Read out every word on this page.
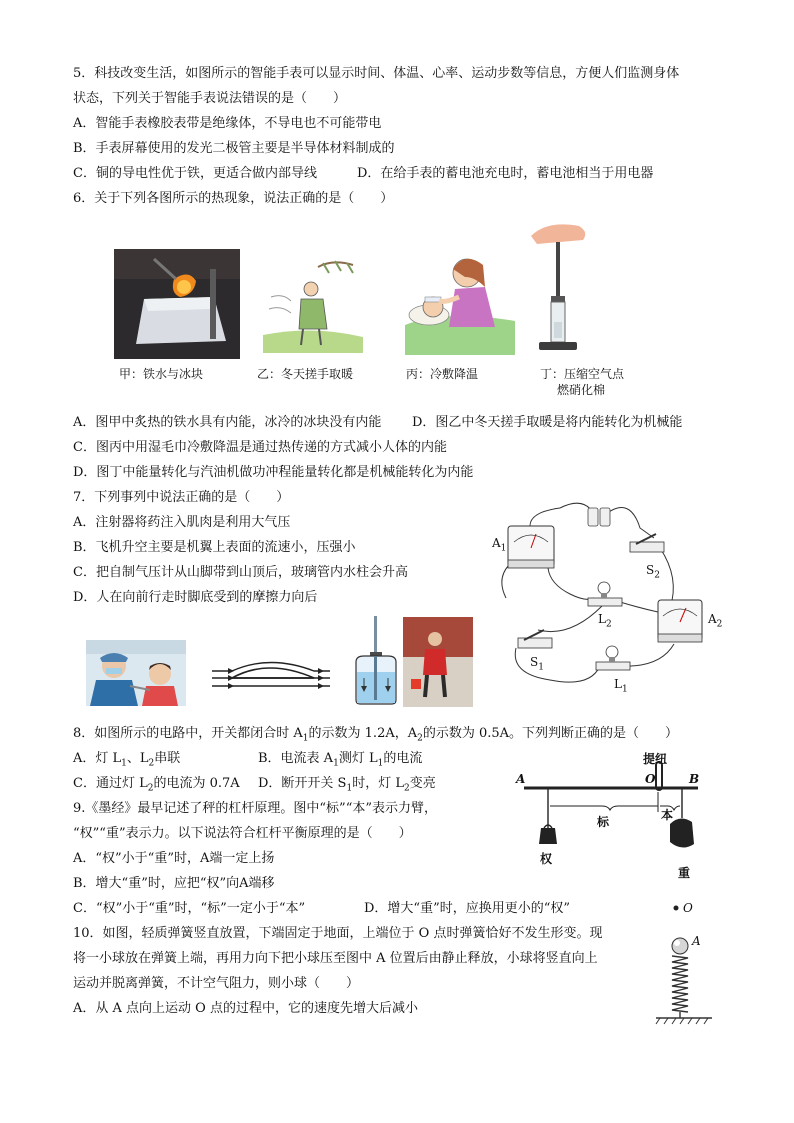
5．科技改变生活，如图所示的智能手表可以显示时间、体温、心率、运动步数等信息，方便人们监测身体
状态，下列关于智能手表说法错误的是（　　）
A．智能手表橡胶表带是绝缘体，不导电也不可能带电
B．手表屏幕使用的发光二极管主要是半导体材料制成的
C．铜的导电性优于铁，更适合做内部导线	D．在给手表的蓄电池充电时，蓄电池相当于用电器
6．关于下列各图所示的热现象，说法正确的是（　　）
甲：铁水与冰块	乙：冬天搓手取暖	丙：冷敷降温	丁：压缩空气点
燃硝化棉
A．图甲中炙热的铁水具有内能，冰冷的冰块没有内能 D．图乙中冬天搓手取暖是将内能转化为机械能
C．图丙中用湿毛巾冷敷降温是通过热传递的方式减小人体的内能
D．图丁中能量转化与汽油机做功冲程能量转化都是机械能转化为内能
7．下列事列中说法正确的是（　　）
A．注射器将药注入肌肉是利用大气压
B．飞机升空主要是机翼上表面的流速小，压强小
C．把自制气压计从山脚带到山顶后，玻璃管内水柱会升高
D．人在向前行走时脚底受到的摩擦力向后
$A_1$
$S_2$
$A_2$
$L_2$
$S_1$
$L_1$
8．如图所示的电路中，开关都闭合时 $A_1$的示数为 1.2A，$A_2$的示数为 0.5A。下列判断正确的是（　　）
A．灯 $L_1$、$L_2$串联	B．电流表 $A_1$测灯 $L_1$的电流
C．通过灯 $L_2$的电流为 0.7A D．断开开关 $S_1$时，灯 $L_2$变亮
9.《墨经》最早记述了秤的杠杆原理。图中“标”“本”表示力臂，
“权”“重”表示力。以下说法符合杠杆平衡原理的是（　　）
A．“权”小于“重”时，A端一定上扬
B．增大“重”时，应把“权”向A端移
C．“权”小于“重”时，“标”一定小于“本”	D．增大“重”时，应换用更小的“权”
提纽
A	O	B
标	本
权
重
10．如图，轻质弹簧竖直放置，下端固定于地面，上端位于 O 点时弹簧恰好不发生形变。现
将一小球放在弹簧上端，再用力向下把小球压至图中 A 位置后由静止释放，小球将竖直向上
运动并脱离弹簧，不计空气阻力，则小球（　　）
A．从 A 点向上运动 O 点的过程中，它的速度先增大后减小
O
A
